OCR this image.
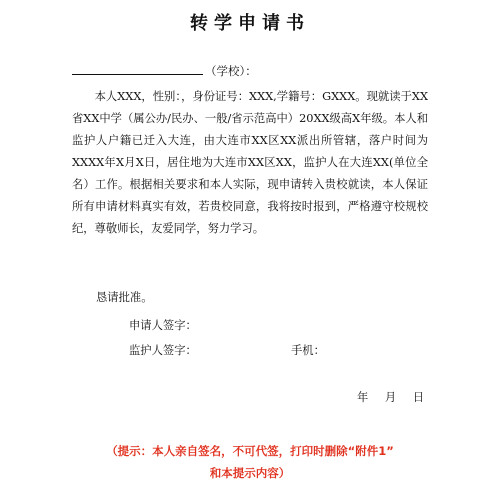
转学申请书
（学校）：

本人XXX，性别：，身份证号：XXX,学籍号：GXXX。现就读于XX省XX中学（属公办/民办、一般/省示范高中）20XX级高X年级。本人和监护人户籍已迁入大连，由大连市XX区XX派出所管辖，落户时间为XXXX年X月X日，居住地为大连市XX区XX，监护人在大连XX(单位全名）工作。根据相关要求和本人实际，现申请转入贵校就读，本人保证所有申请材料真实有效，若贵校同意，我将按时报到，严格遵守校规校纪，尊敬师长，友爱同学，努力学习。

恳请批准。
申请人签字：
监护人签字：	手机：
年 月 日
（提示：本人亲自签名，不可代签，打印时删除“附件1”
和本提示内容）
